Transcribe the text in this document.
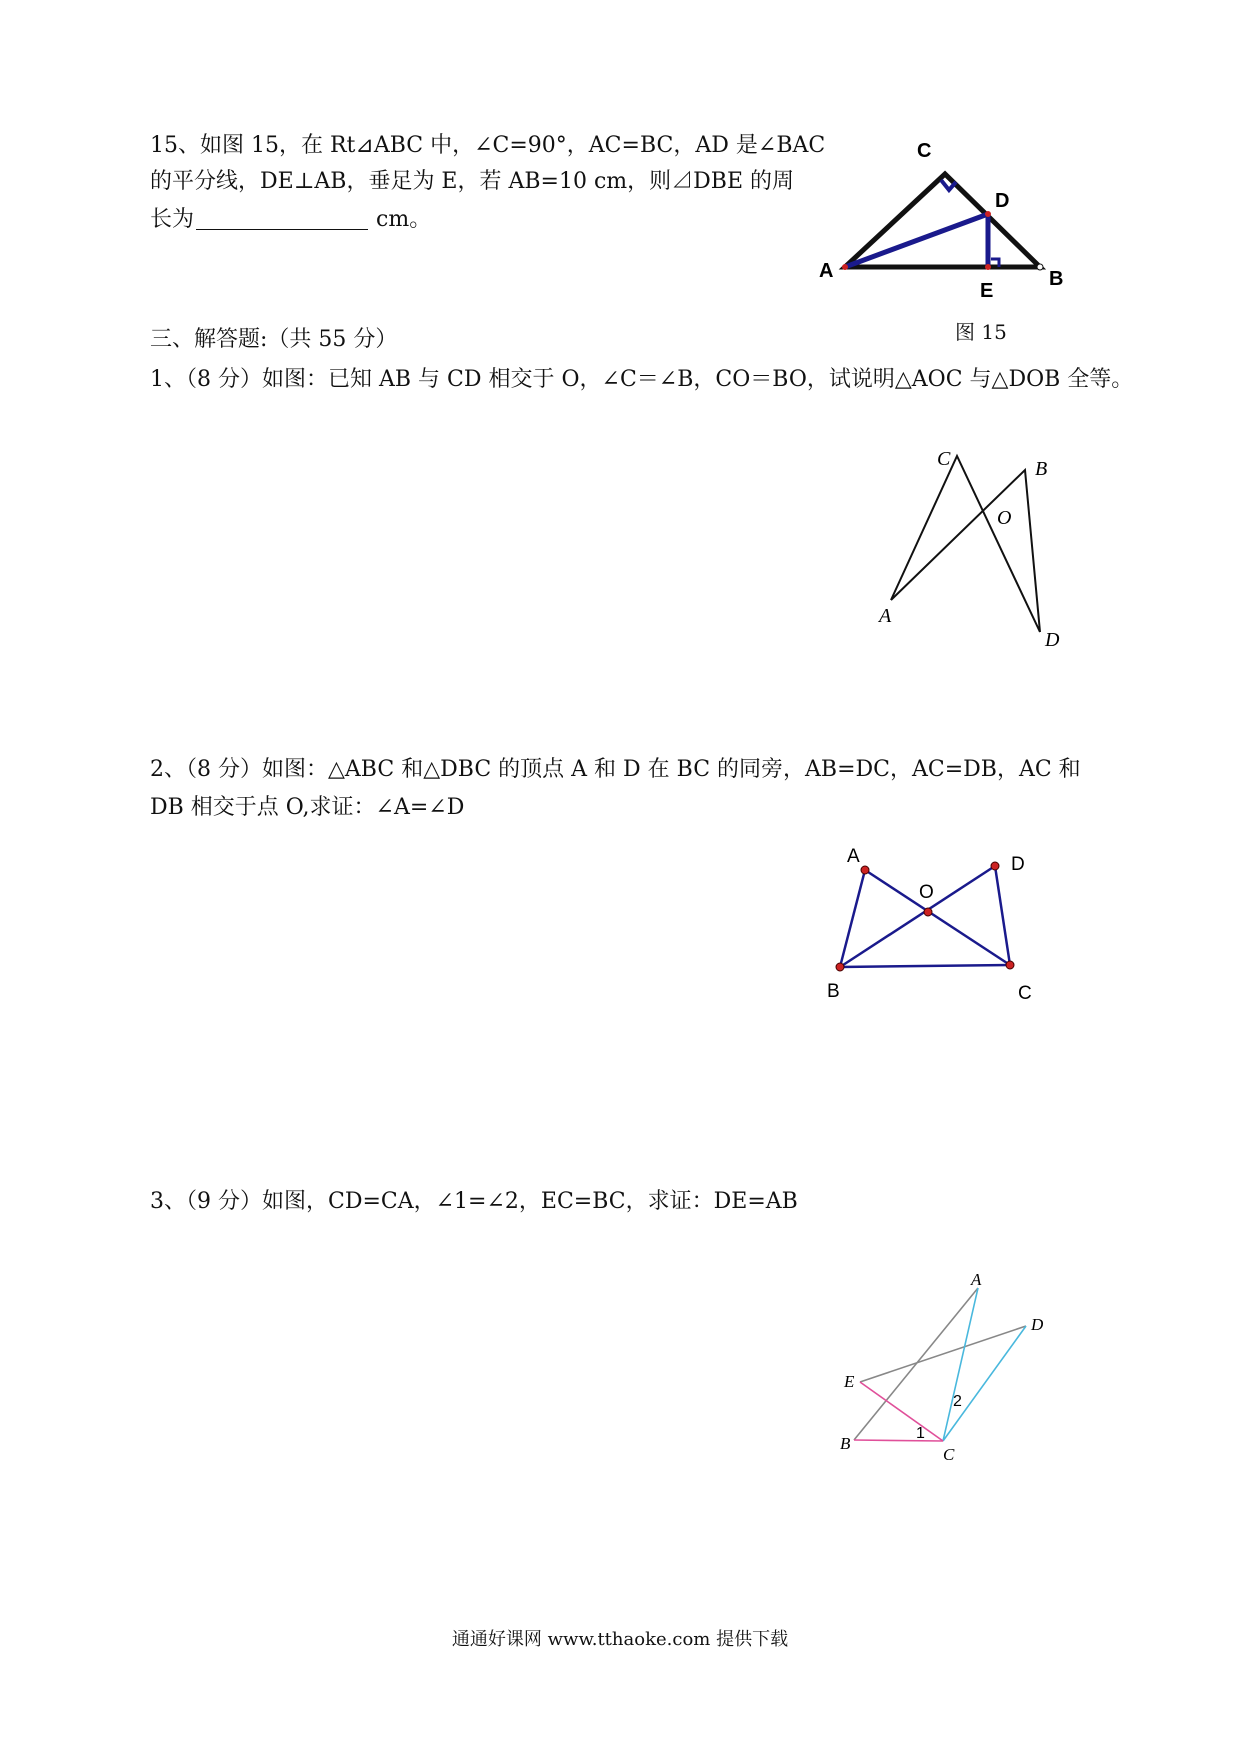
15、如图 15，在 Rt⊿ABC 中，∠C=90°，AC=BC，AD 是∠BAC
的平分线，DE⊥AB，垂足为 E，若 AB=10 cm，则⊿DBE 的周
长为	cm。
A
C
D
E
B
图 15
三、解答题:（共 55 分）
1、（8 分）如图：已知 AB 与 CD 相交于 O，∠C＝∠B，CO＝BO，试说明△AOC 与△DOB 全等。
C	B
O
A
D
2、（8 分）如图：△ABC 和△DBC 的顶点 A 和 D 在 BC 的同旁，AB=DC，AC=DB，AC 和
DB 相交于点 O,求证：∠A=∠D
A	D
O
B	C
3、（9 分）如图，CD=CA，∠1=∠2，EC=BC，求证：DE=AB
A
D
E
B
C
1
2
通通好课网 www.tthaoke.com 提供下载
